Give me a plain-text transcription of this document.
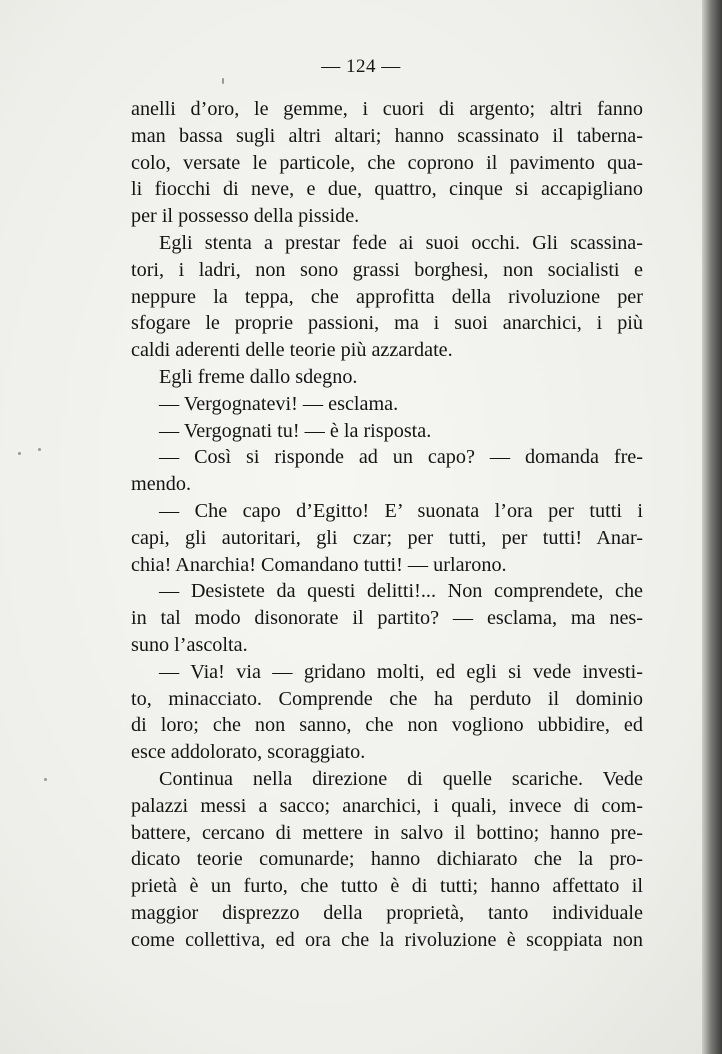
— 124 —
anelli d’oro, le gemme, i cuori di argento; altri fanno
man bassa sugli altri altari; hanno scassinato il taberna-
colo, versate le particole, che coprono il pavimento qua-
li fiocchi di neve, e due, quattro, cinque si accapigliano
per il possesso della pisside.
Egli stenta a prestar fede ai suoi occhi. Gli scassina-
tori, i ladri, non sono grassi borghesi, non socialisti e
neppure la teppa, che approfitta della rivoluzione per
sfogare le proprie passioni, ma i suoi anarchici, i più
caldi aderenti delle teorie più azzardate.
Egli freme dallo sdegno.
— Vergognatevi! — esclama.
— Vergognati tu! — è la risposta.
— Così si risponde ad un capo? — domanda fre-
mendo.
— Che capo d’Egitto! E’ suonata l’ora per tutti i
capi, gli autoritari, gli czar; per tutti, per tutti! Anar-
chia! Anarchia! Comandano tutti! — urlarono.
— Desistete da questi delitti!... Non comprendete, che
in tal modo disonorate il partito? — esclama, ma nes-
suno l’ascolta.
— Via! via — gridano molti, ed egli si vede investi-
to, minacciato. Comprende che ha perduto il dominio
di loro; che non sanno, che non vogliono ubbidire, ed
esce addolorato, scoraggiato.
Continua nella direzione di quelle scariche. Vede
palazzi messi a sacco; anarchici, i quali, invece di com-
battere, cercano di mettere in salvo il bottino; hanno pre-
dicato teorie comunarde; hanno dichiarato che la pro-
prietà è un furto, che tutto è di tutti; hanno affettato il
maggior disprezzo della proprietà, tanto individuale
come collettiva, ed ora che la rivoluzione è scoppiata non
